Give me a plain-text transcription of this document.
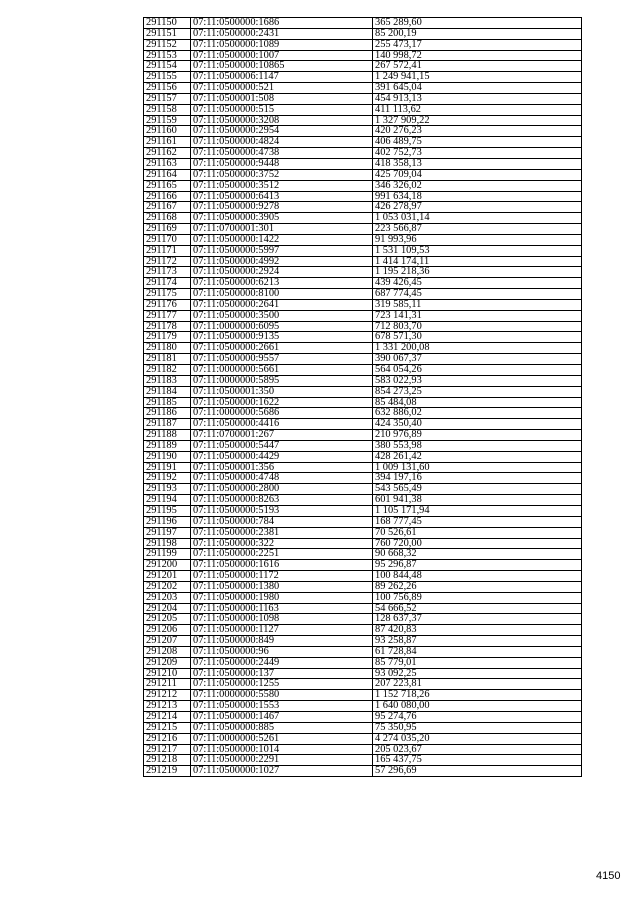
291150	07:11:0500000:1686	365 289,60
291151	07:11:0500000:2431	85 200,19
291152	07:11:0500000:1089	255 473,17
291153	07:11:0500000:1007	140 998,72
291154	07:11:0500000:10865	267 572,41
291155	07:11:0500006:1147	1 249 941,15
291156	07:11:0500000:521	391 645,04
291157	07:11:0500001:508	454 913,13
291158	07:11:0500000:515	411 113,62
291159	07:11:0500000:3208	1 327 909,22
291160	07:11:0500000:2954	420 276,23
291161	07:11:0500000:4824	406 489,75
291162	07:11:0500000:4738	402 752,73
291163	07:11:0500000:9448	418 358,13
291164	07:11:0500000:3752	425 709,04
291165	07:11:0500000:3512	346 326,02
291166	07:11:0500000:6413	991 634,18
291167	07:11:0500000:9278	426 278,97
291168	07:11:0500000:3905	1 053 031,14
291169	07:11:0700001:301	223 566,87
291170	07:11:0500000:1422	91 993,96
291171	07:11:0500000:5997	1 531 109,53
291172	07:11:0500000:4992	1 414 174,11
291173	07:11:0500000:2924	1 195 218,36
291174	07:11:0500000:6213	439 426,45
291175	07:11:0500000:8100	687 774,45
291176	07:11:0500000:2641	319 585,11
291177	07:11:0500000:3500	723 141,31
291178	07:11:0000000:6095	712 803,70
291179	07:11:0500000:9135	678 571,30
291180	07:11:0500000:2661	1 331 200,08
291181	07:11:0500000:9557	390 067,37
291182	07:11:0000000:5661	564 054,26
291183	07:11:0000000:5895	583 022,93
291184	07:11:0500001:350	854 273,25
291185	07:11:0500000:1622	85 484,08
291186	07:11:0000000:5686	632 886,02
291187	07:11:0500000:4416	424 350,40
291188	07:11:0700001:267	210 976,89
291189	07:11:0500000:5447	380 553,98
291190	07:11:0500000:4429	428 261,42
291191	07:11:0500001:356	1 009 131,60
291192	07:11:0500000:4748	394 197,16
291193	07:11:0500000:2800	543 565,49
291194	07:11:0500000:8263	601 941,38
291195	07:11:0500000:5193	1 105 171,94
291196	07:11:0500000:784	168 777,45
291197	07:11:0500000:2381	70 526,61
291198	07:11:0500000:322	760 720,00
291199	07:11:0500000:2251	90 668,32
291200	07:11:0500000:1616	95 296,87
291201	07:11:0500000:1172	100 844,48
291202	07:11:0500000:1380	89 262,26
291203	07:11:0500000:1980	100 756,89
291204	07:11:0500000:1163	54 666,52
291205	07:11:0500000:1098	128 637,37
291206	07:11:0500000:1127	87 420,83
291207	07:11:0500000:849	93 258,87
291208	07:11:0500000:96	61 728,84
291209	07:11:0500000:2449	85 779,01
291210	07:11:0500000:137	93 092,25
291211	07:11:0500000:1255	207 223,81
291212	07:11:0000000:5580	1 152 718,26
291213	07:11:0500000:1553	1 640 080,00
291214	07:11:0500000:1467	95 274,76
291215	07:11:0500000:885	75 350,95
291216	07:11:0000000:5261	4 274 035,20
291217	07:11:0500000:1014	205 023,67
291218	07:11:0500000:2291	165 437,75
291219	07:11:0500000:1027	57 296,69
4150
